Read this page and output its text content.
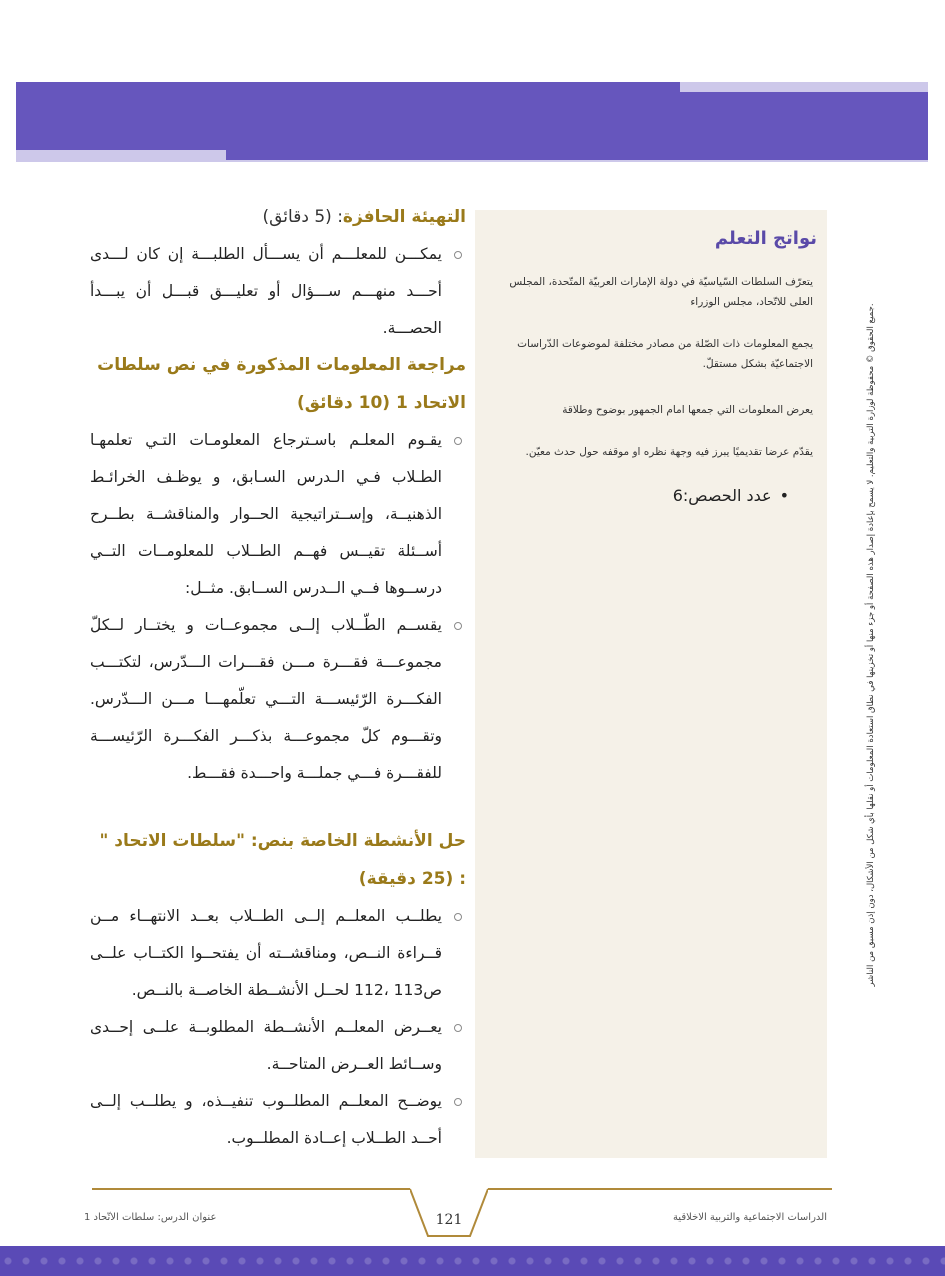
نواتج التعلم
يتعرّف السلطات السّياسيّة في دولة الإمارات العربيّة المتّحدة، المجلس العلى للاتّحاد، مجلس الوزراء
يجمع المعلومات ذات الصّلة من مصادر مختلفة لموضوعات الدّراسات الاجتماعيّة بشكل مستقلّ.
يعرض المعلومات التي جمعها امام الجمهور بوضوح وطلاقة
يقدّم عرضا تقديميًا يبرز فيه وجهة نظره او موقفه حول حدث معيّن.
•عدد الحصص:6
التهيئة الحافزة: (5 دقائق)
يمكـــن للمعلـــم أن يســـأل الطلبـــة إن كان لـــدى أحـــد منهـــم ســـؤال أو تعليـــق قبـــل أن يبـــدأ الحصـــة.
مراجعة المعلومات المذكورة في نص سلطات الاتحاد 1 (10 دقائق)
يقـوم المعلـم باسـترجاع المعلومـات التـي تعلمهـا الطـلاب فـي الـدرس السـابق، و يوظـف الخرائـط الذهنيــة، وإســتراتيجية الحــوار والمناقشــة بطــرح أســئلة تقيــس فهــم الطــلاب للمعلومــات التــي درســوها فــي الــدرس الســابق. مثــل:
يقســم الطّــلاب إلــى مجموعــات و يختــار لــكلّ مجموعـــة فقـــرة مـــن فقـــرات الـــدّرس، لتكتـــب الفكـــرة الرّئيســـة التـــي تعلّمهـــا مـــن الـــدّرس. وتقـــوم كلّ مجموعـــة بذكـــر الفكـــرة الرّئيســـة للفقـــرة فـــي جملـــة واحـــدة فقـــط.
حل الأنشطة الخاصة بنص: "سلطات الاتحاد " : (25 دقيقة)
يطلــب المعلــم إلــى الطــلاب بعــد الانتهــاء مــن قــراءة النــص، ومناقشــته أن يفتحــوا الكتــاب علــى ص113 ،112 لحــل الأنشــطة الخاصــة بالنــص.
يعــرض المعلــم الأنشــطة المطلوبــة علــى إحــدى وســائط العــرض المتاحــة.
يوضــح المعلــم المطلــوب تنفيــذه، و يطلــب إلــى أحــد الطــلاب إعــادة المطلــوب.
جميع الحقوق © محفوظة لوزارة التربية والتعليم. لا يسمح بإعادة إصدار هذه الصفحة أو جزء منها أو تخزينها في نطاق استعادة المعلومات أو نقلها بأي شكل من الأشكال، دون إذن مسبق من الناشر.
عنوان الدرس: سلطات الاتّحاد 1	121	الدراسات الاجتماعية والتربية الاخلاقية
